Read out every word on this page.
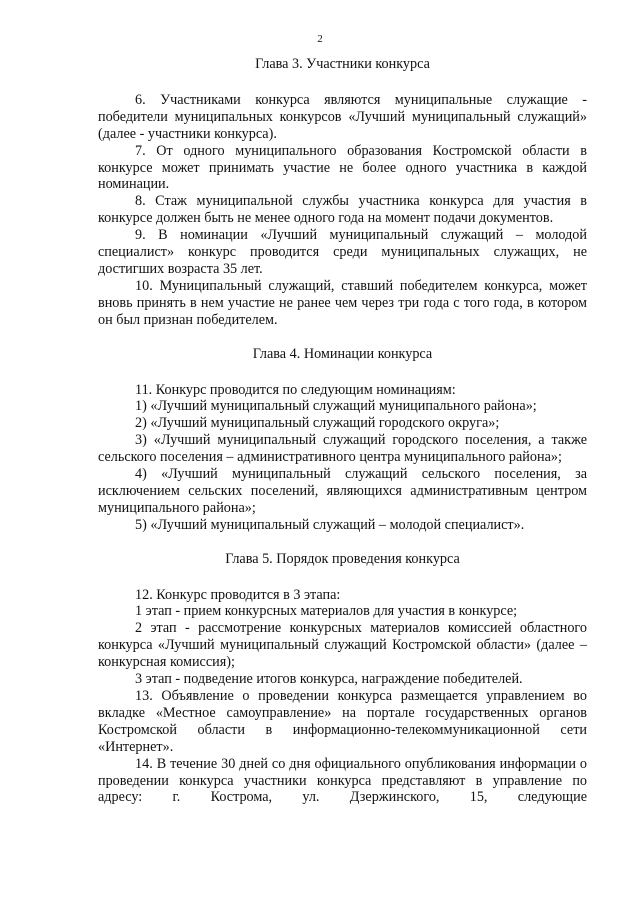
2
Глава 3. Участники конкурса

6. Участниками конкурса являются муниципальные служащие - победители муниципальных конкурсов «Лучший муниципальный служащий» (далее - участники конкурса).

7. От одного муниципального образования Костромской области в конкурсе может принимать участие не более одного участника в каждой номинации.

8. Стаж муниципальной службы участника конкурса для участия в конкурсе должен быть не менее одного года на момент подачи документов.

9. В номинации «Лучший муниципальный служащий – молодой специалист» конкурс проводится среди муниципальных служащих, не достигших возраста 35 лет.

10. Муниципальный служащий, ставший победителем конкурса, может вновь принять в нем участие не ранее чем через три года с того года, в котором он был признан победителем.

Глава 4. Номинации конкурса

11. Конкурс проводится по следующим номинациям:

1) «Лучший муниципальный служащий муниципального района»;

2) «Лучший муниципальный служащий городского округа»;

3) «Лучший муниципальный служащий городского поселения, а также сельского поселения – административного центра муниципального района»;

4) «Лучший муниципальный служащий сельского поселения, за исключением сельских поселений, являющихся административным центром муниципального района»;

5) «Лучший муниципальный служащий – молодой специалист».

Глава 5. Порядок проведения конкурса

12. Конкурс проводится в 3 этапа:

1 этап - прием конкурсных материалов для участия в конкурсе;

2 этап - рассмотрение конкурсных материалов комиссией областного конкурса «Лучший муниципальный служащий Костромской области» (далее – конкурсная комиссия);

3 этап - подведение итогов конкурса, награждение победителей.

13. Объявление о проведении конкурса размещается управлением во вкладке «Местное самоуправление» на портале государственных органов Костромской области в информационно-телекоммуникационной сети «Интернет».

14. В течение 30 дней со дня официального опубликования информации о проведении конкурса участники конкурса представляют в управление по адресу: г. Кострома, ул. Дзержинского, 15, следующие
